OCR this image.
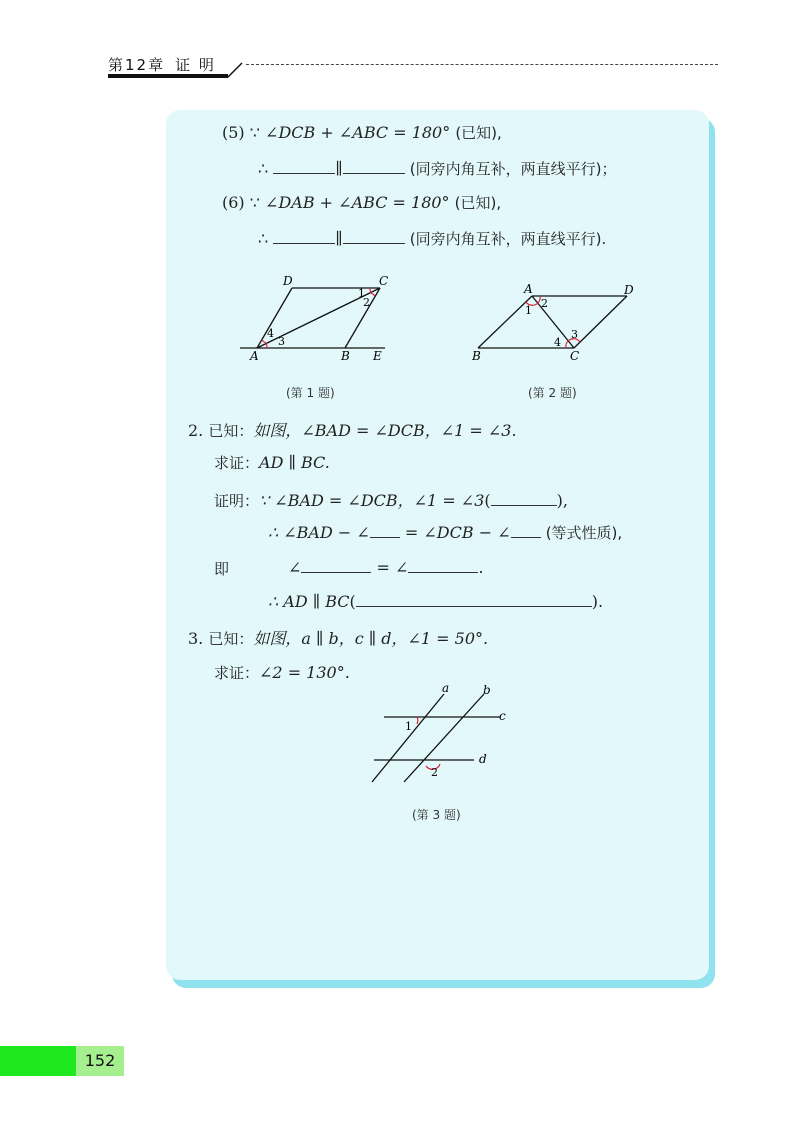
第12章 证 明
(5) ∵ ∠DCB + ∠ABC = 180° (已知),
∴	∥	(同旁内角互补，两直线平行)；
(6) ∵ ∠DAB + ∠ABC = 180° (已知),
∴	∥	(同旁内角互补，两直线平行).
A	B
C
D
E
1
2
3
4
(第 1 题)
A
B	C
D
1
2
3
4
(第 2 题)
2. 已知：如图，∠BAD = ∠DCB，∠1 = ∠3.
求证：AD ∥ BC.
证明：∵ ∠BAD = ∠DCB，∠1 = ∠3(	),
∴ ∠BAD − ∠ = ∠DCB − ∠ (等式性质),
即	∠	= ∠	.
∴ AD ∥ BC(	).
3. 已知：如图，a ∥ b，c ∥ d，∠1 = 50°.
求证：∠2 = 130°.
a	b
c
d
1
2
(第 3 题)
152
